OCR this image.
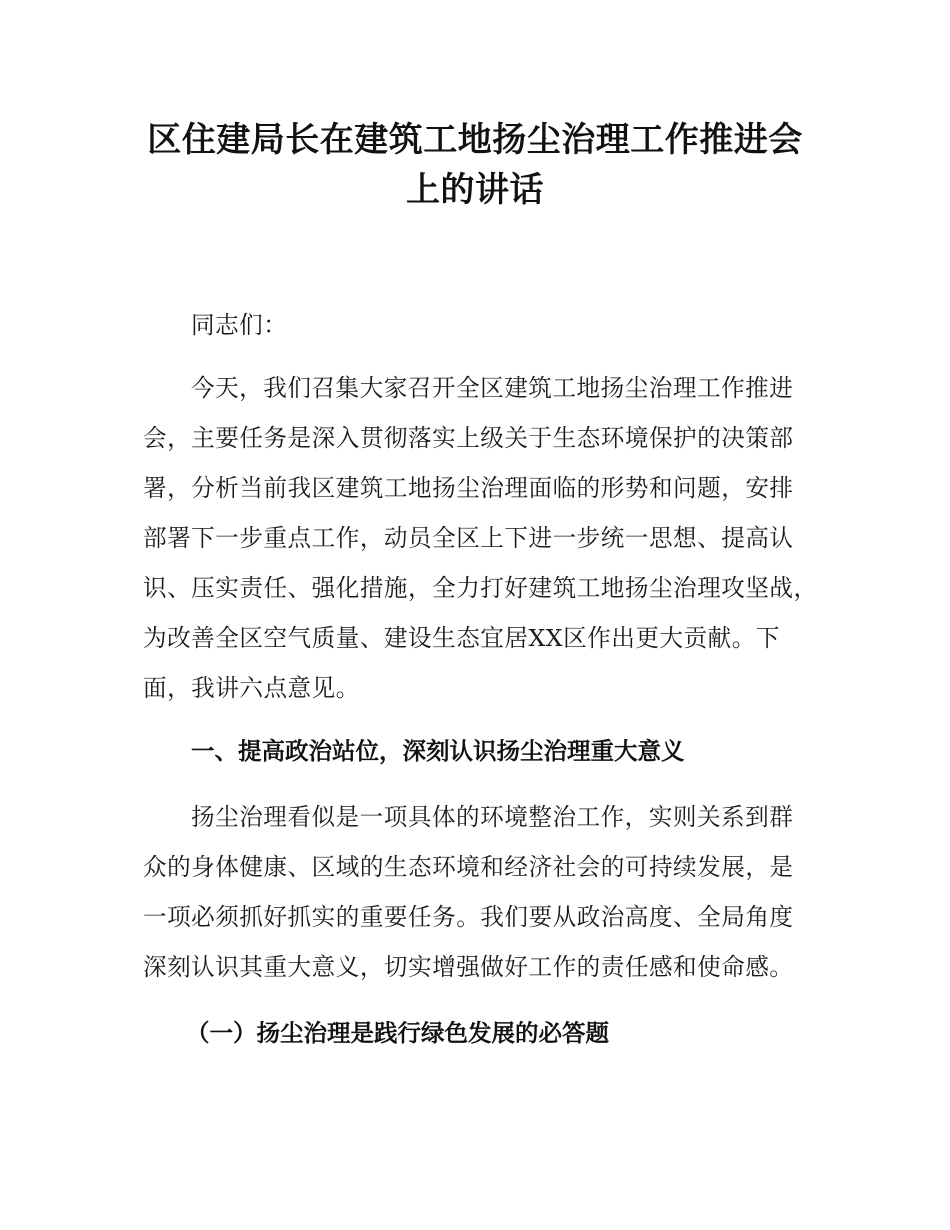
区住建局长在建筑工地扬尘治理工作推进会
上的讲话

同志们：

今天，我们召集大家召开全区建筑工地扬尘治理工作推进
会，主要任务是深入贯彻落实上级关于生态环境保护的决策部
署，分析当前我区建筑工地扬尘治理面临的形势和问题，安排
部署下一步重点工作，动员全区上下进一步统一思想、提高认
识、压实责任、强化措施，全力打好建筑工地扬尘治理攻坚战，
为改善全区空气质量、建设生态宜居XX区作出更大贡献。下
面，我讲六点意见。

一、提高政治站位，深刻认识扬尘治理重大意义

扬尘治理看似是一项具体的环境整治工作，实则关系到群
众的身体健康、区域的生态环境和经济社会的可持续发展，是
一项必须抓好抓实的重要任务。我们要从政治高度、全局角度
深刻认识其重大意义，切实增强做好工作的责任感和使命感。

（一）扬尘治理是践行绿色发展的必答题
